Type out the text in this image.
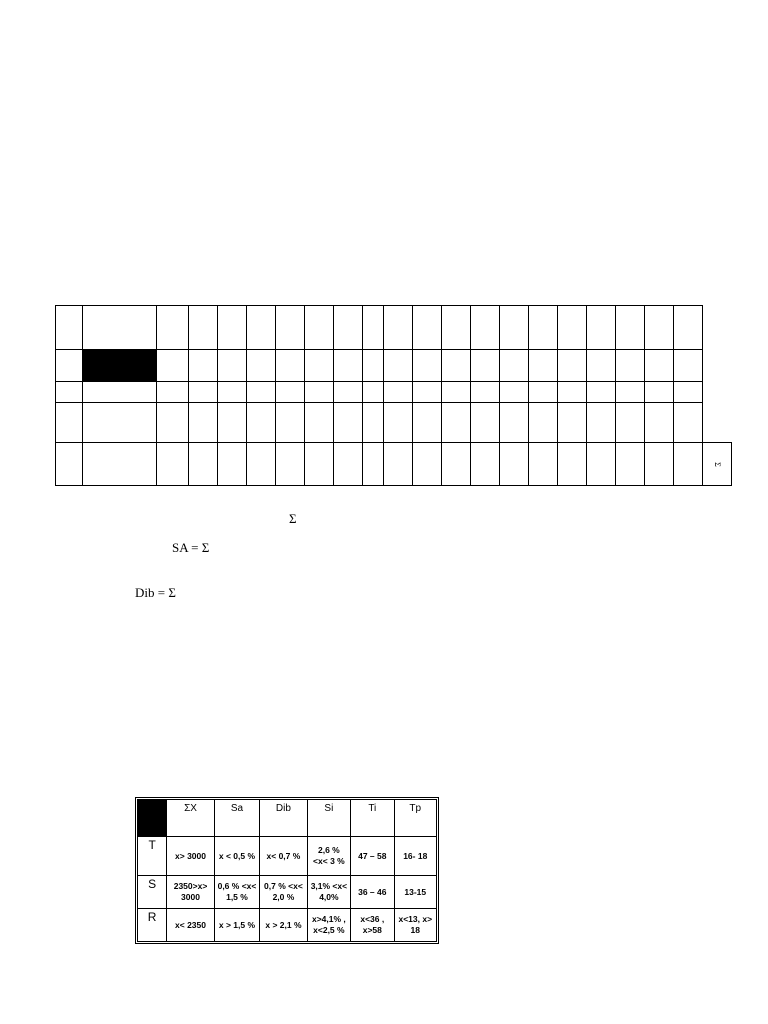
																					Σ
Σ
SA = Σ
Dib = Σ
	ΣX	Sa	Dib	Si	Ti	Tp
T	x> 3000	x < 0,5 %	x< 0,7 %	2,6 % <x< 3 %	47 – 58	16- 18
S	2350>x> 3000	0,6 % <x< 1,5 %	0,7 % <x< 2,0 %	3,1% <x< 4,0%	36 – 46	13-15
R	x< 2350	x > 1,5 %	x > 2,1 %	x>4,1% , x<2,5 %	x<36 , x>58	x<13, x> 18
